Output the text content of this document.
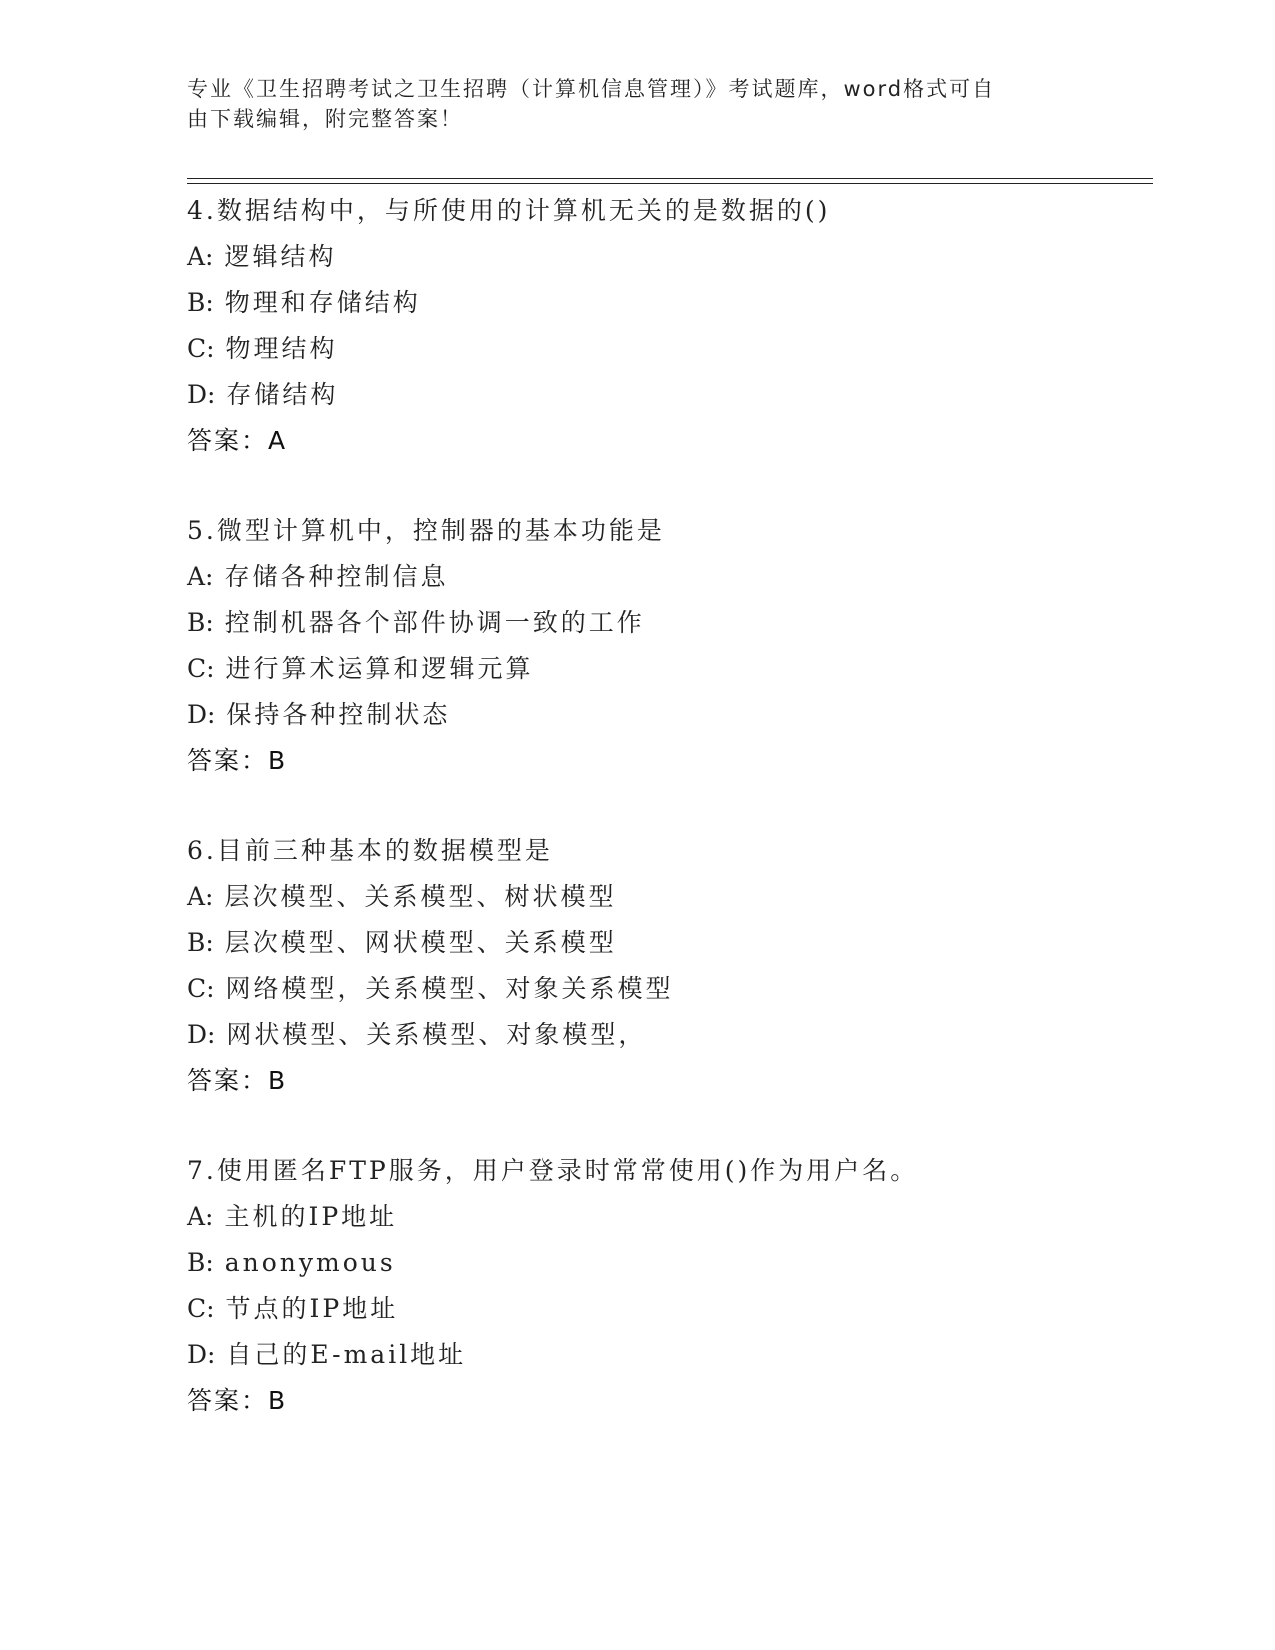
专业《卫生招聘考试之卫生招聘（计算机信息管理）》考试题库，word格式可自
由下载编辑，附完整答案！
4.数据结构中，与所使用的计算机无关的是数据的()
A: 逻辑结构
B: 物理和存储结构
C: 物理结构
D: 存储结构
答案：A
5.微型计算机中，控制器的基本功能是
A: 存储各种控制信息
B: 控制机器各个部件协调一致的工作
C: 进行算术运算和逻辑元算
D: 保持各种控制状态
答案：B
6.目前三种基本的数据模型是
A: 层次模型、关系模型、树状模型
B: 层次模型、网状模型、关系模型
C: 网络模型，关系模型、对象关系模型
D: 网状模型、关系模型、对象模型，
答案：B
7.使用匿名FTP服务，用户登录时常常使用()作为用户名。
A: 主机的IP地址
B: anonymous
C: 节点的IP地址
D: 自己的E-mail地址
答案：B
